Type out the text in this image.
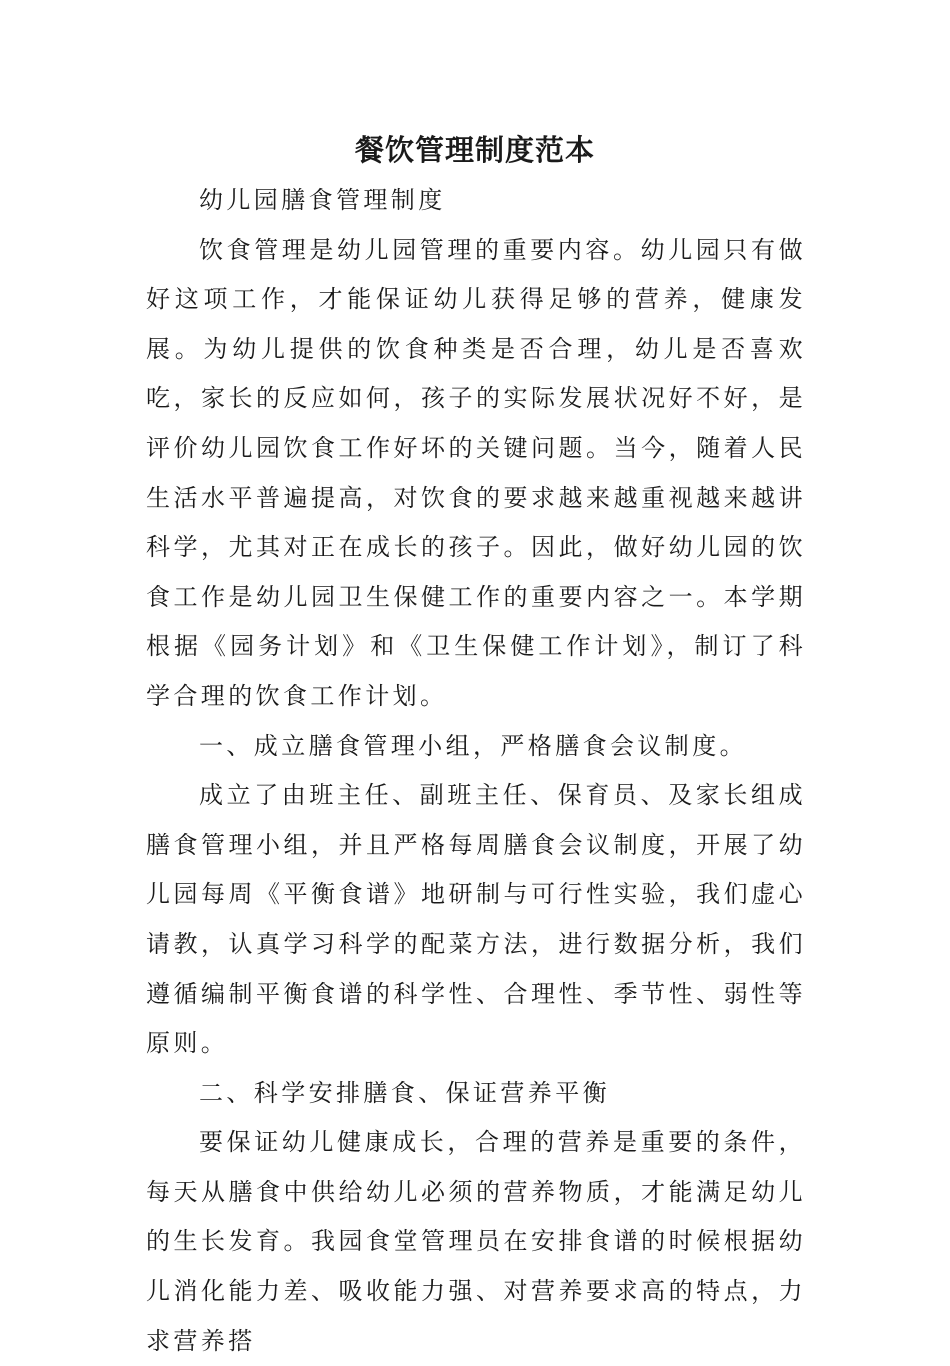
餐饮管理制度范本

幼儿园膳食管理制度

饮食管理是幼儿园管理的重要内容。幼儿园只有做好这项工作，才能保证幼儿获得足够的营养，健康发展。为幼儿提供的饮食种类是否合理，幼儿是否喜欢吃，家长的反应如何，孩子的实际发展状况好不好，是评价幼儿园饮食工作好坏的关键问题。当今，随着人民生活水平普遍提高，对饮食的要求越来越重视越来越讲科学，尤其对正在成长的孩子。因此，做好幼儿园的饮食工作是幼儿园卫生保健工作的重要内容之一。本学期根据《园务计划》和《卫生保健工作计划》，制订了科学合理的饮食工作计划。

一、成立膳食管理小组，严格膳食会议制度。

成立了由班主任、副班主任、保育员、及家长组成膳食管理小组，并且严格每周膳食会议制度，开展了幼儿园每周《平衡食谱》地研制与可行性实验，我们虚心请教，认真学习科学的配菜方法，进行数据分析，我们遵循编制平衡食谱的科学性、合理性、季节性、弱性等原则。

二、科学安排膳食、保证营养平衡

要保证幼儿健康成长，合理的营养是重要的条件，每天从膳食中供给幼儿必须的营养物质，才能满足幼儿的生长发育。我园食堂管理员在安排食谱的时候根据幼儿消化能力差、吸收能力强、对营养要求高的特点，力求营养搭
